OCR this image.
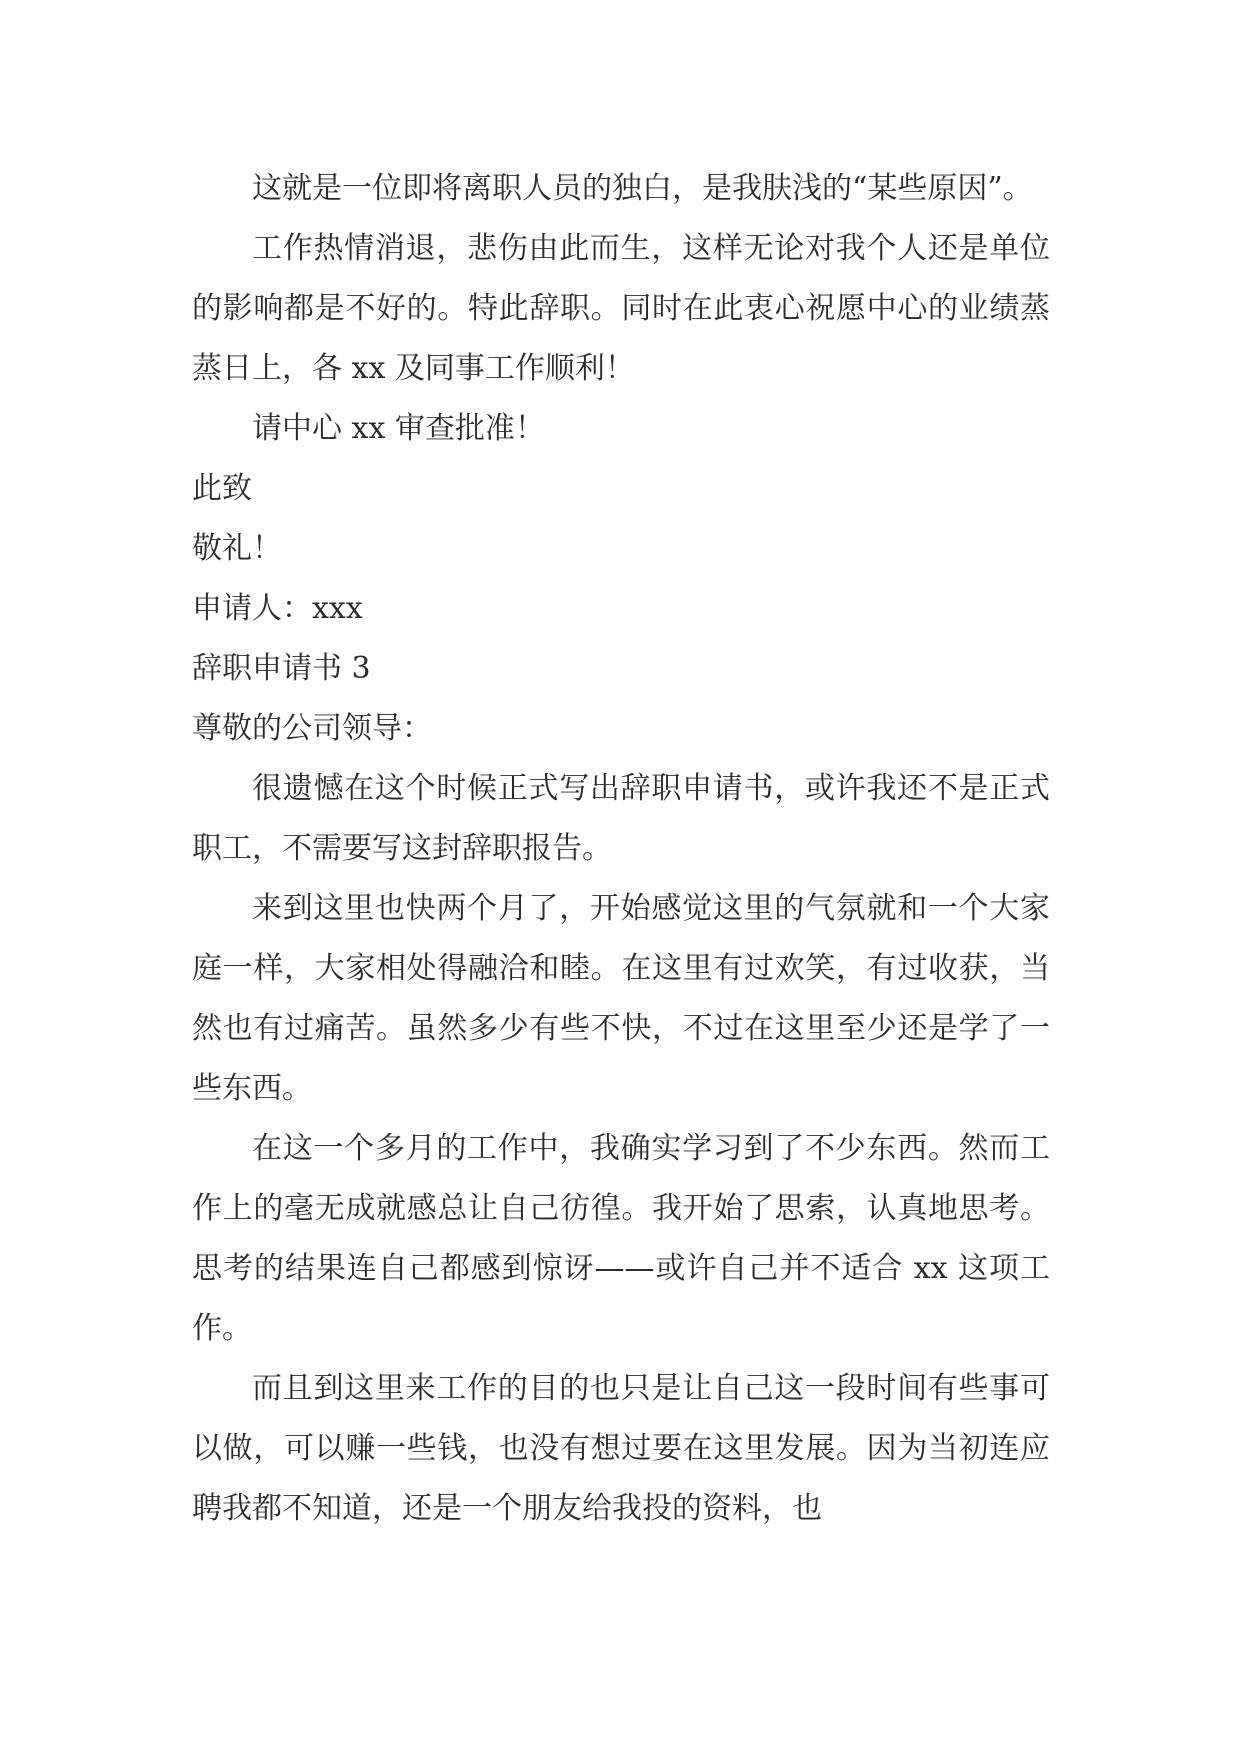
这就是一位即将离职人员的独白，是我肤浅的“某些原因”。

工作热情消退，悲伤由此而生，这样无论对我个人还是单位的影响都是不好的。特此辞职。同时在此衷心祝愿中心的业绩蒸蒸日上，各 xx 及同事工作顺利！

请中心 xx 审查批准！

此致

敬礼！

申请人：xxx

辞职申请书 3

尊敬的公司领导：

很遗憾在这个时候正式写出辞职申请书，或许我还不是正式职工，不需要写这封辞职报告。

来到这里也快两个月了，开始感觉这里的气氛就和一个大家庭一样，大家相处得融洽和睦。在这里有过欢笑，有过收获，当然也有过痛苦。虽然多少有些不快，不过在这里至少还是学了一些东西。

在这一个多月的工作中，我确实学习到了不少东西。然而工作上的毫无成就感总让自己彷徨。我开始了思索，认真地思考。思考的结果连自己都感到惊讶——或许自己并不适合 xx 这项工作。

而且到这里来工作的目的也只是让自己这一段时间有些事可以做，可以赚一些钱，也没有想过要在这里发展。因为当初连应聘我都不知道，还是一个朋友给我投的资料，也
